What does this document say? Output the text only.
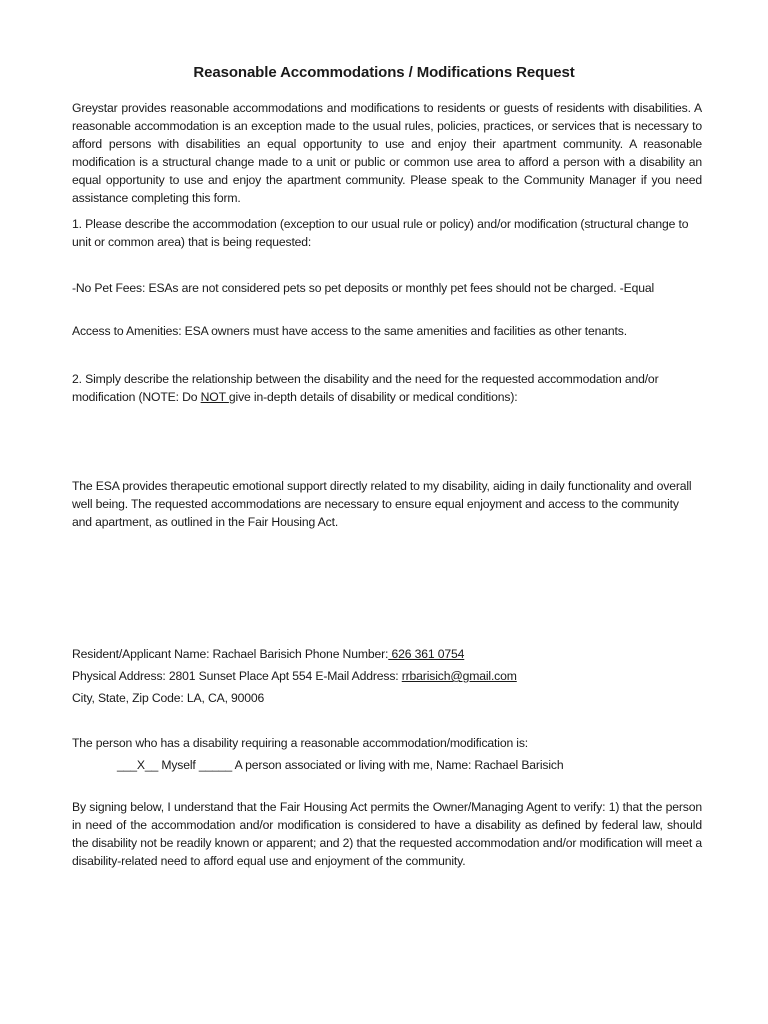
Reasonable Accommodations / Modifications Request
Greystar provides reasonable accommodations and modifications to residents or guests of residents with disabilities. A reasonable accommodation is an exception made to the usual rules, policies, practices, or services that is necessary to afford persons with disabilities an equal opportunity to use and enjoy their apartment community. A reasonable modification is a structural change made to a unit or public or common use area to afford a person with a disability an equal opportunity to use and enjoy the apartment community. Please speak to the Community Manager if you need assistance completing this form.
1. Please describe the accommodation (exception to our usual rule or policy) and/or modification (structural change to
unit or common area) that is being requested:
-No Pet Fees: ESAs are not considered pets so pet deposits or monthly pet fees should not be charged. -Equal
Access to Amenities: ESA owners must have access to the same amenities and facilities as other tenants.
2. Simply describe the relationship between the disability and the need for the requested accommodation and/or
modification (NOTE: Do NOT give in-depth details of disability or medical conditions):
The ESA provides therapeutic emotional support directly related to my disability, aiding in daily functionality and overall well being. The requested accommodations are necessary to ensure equal enjoyment and access to the community and apartment, as outlined in the Fair Housing Act.
Resident/Applicant Name: Rachael Barisich Phone Number: 626 361 0754
Physical Address: 2801 Sunset Place Apt 554 E-Mail Address: rrbarisich@gmail.com
City, State, Zip Code: LA, CA, 90006
The person who has a disability requiring a reasonable accommodation/modification is:
___X__ Myself _____ A person associated or living with me, Name: Rachael Barisich
By signing below, I understand that the Fair Housing Act permits the Owner/Managing Agent to verify: 1) that the person in need of the accommodation and/or modification is considered to have a disability as defined by federal law, should the disability not be readily known or apparent; and 2) that the requested accommodation and/or modification will meet a disability-related need to afford equal use and enjoyment of the community.
